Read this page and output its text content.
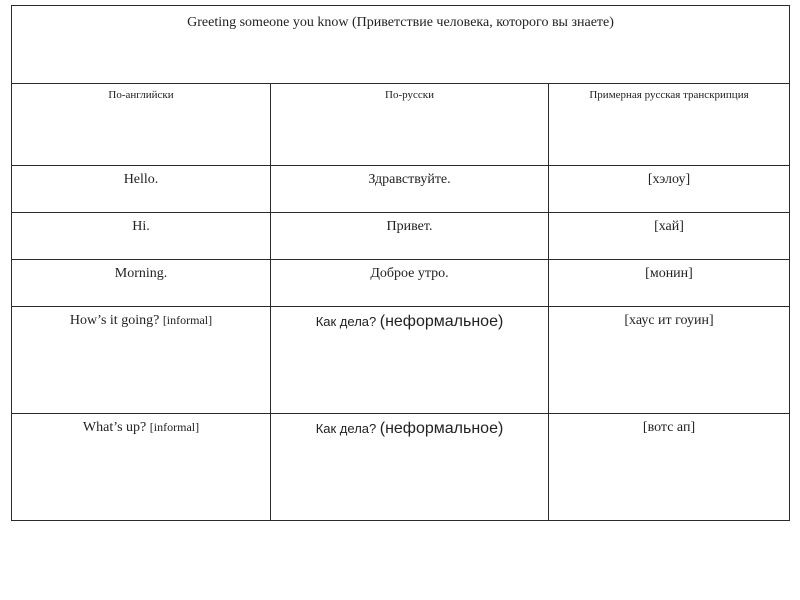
Greeting someone you know (Приветствие человека, которого вы знаете)		
По-английски	По-русски	Примерная русская транскрипция
Hello.	Здравствуйте.	[хэлоу]
Hi.	Привет.	[хай]
Morning.	Доброе утро.	[монин]
How’s it going? [informal]	Как дела? (неформальное)	[хаус ит гоуин]
What’s up? [informal]	Как дела? (неформальное)	[вотс ап]
